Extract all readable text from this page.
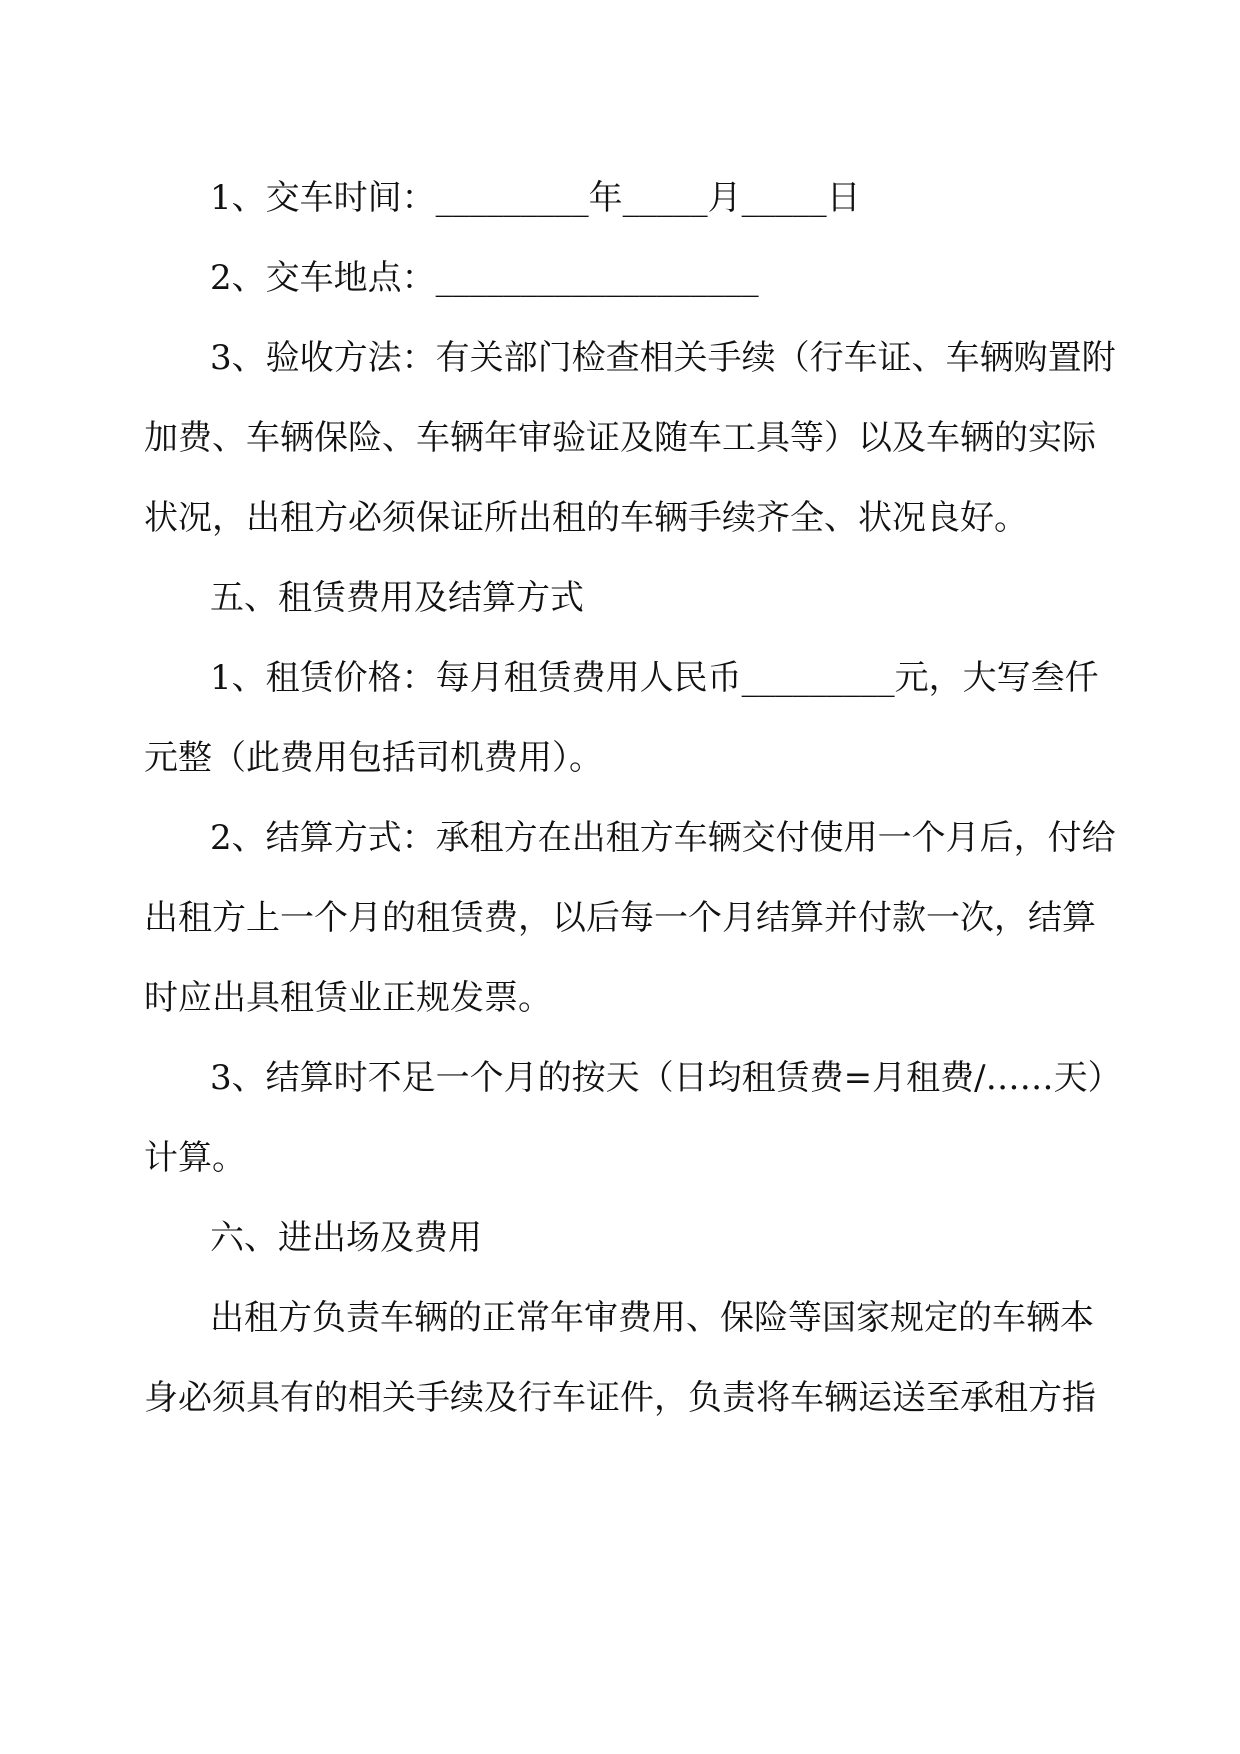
1、交车时间：_________年_____月_____日
2、交车地点：___________________
3、验收方法：有关部门检查相关手续（行车证、车辆购置附
加费、车辆保险、车辆年审验证及随车工具等）以及车辆的实际
状况，出租方必须保证所出租的车辆手续齐全、状况良好。
五、租赁费用及结算方式
1、租赁价格：每月租赁费用人民币_________元，大写叁仟
元整（此费用包括司机费用）。
2、结算方式：承租方在出租方车辆交付使用一个月后，付给
出租方上一个月的租赁费，以后每一个月结算并付款一次，结算
时应出具租赁业正规发票。
3、结算时不足一个月的按天（日均租赁费=月租费/……天）
计算。
六、进出场及费用
出租方负责车辆的正常年审费用、保险等国家规定的车辆本
身必须具有的相关手续及行车证件，负责将车辆运送至承租方指
